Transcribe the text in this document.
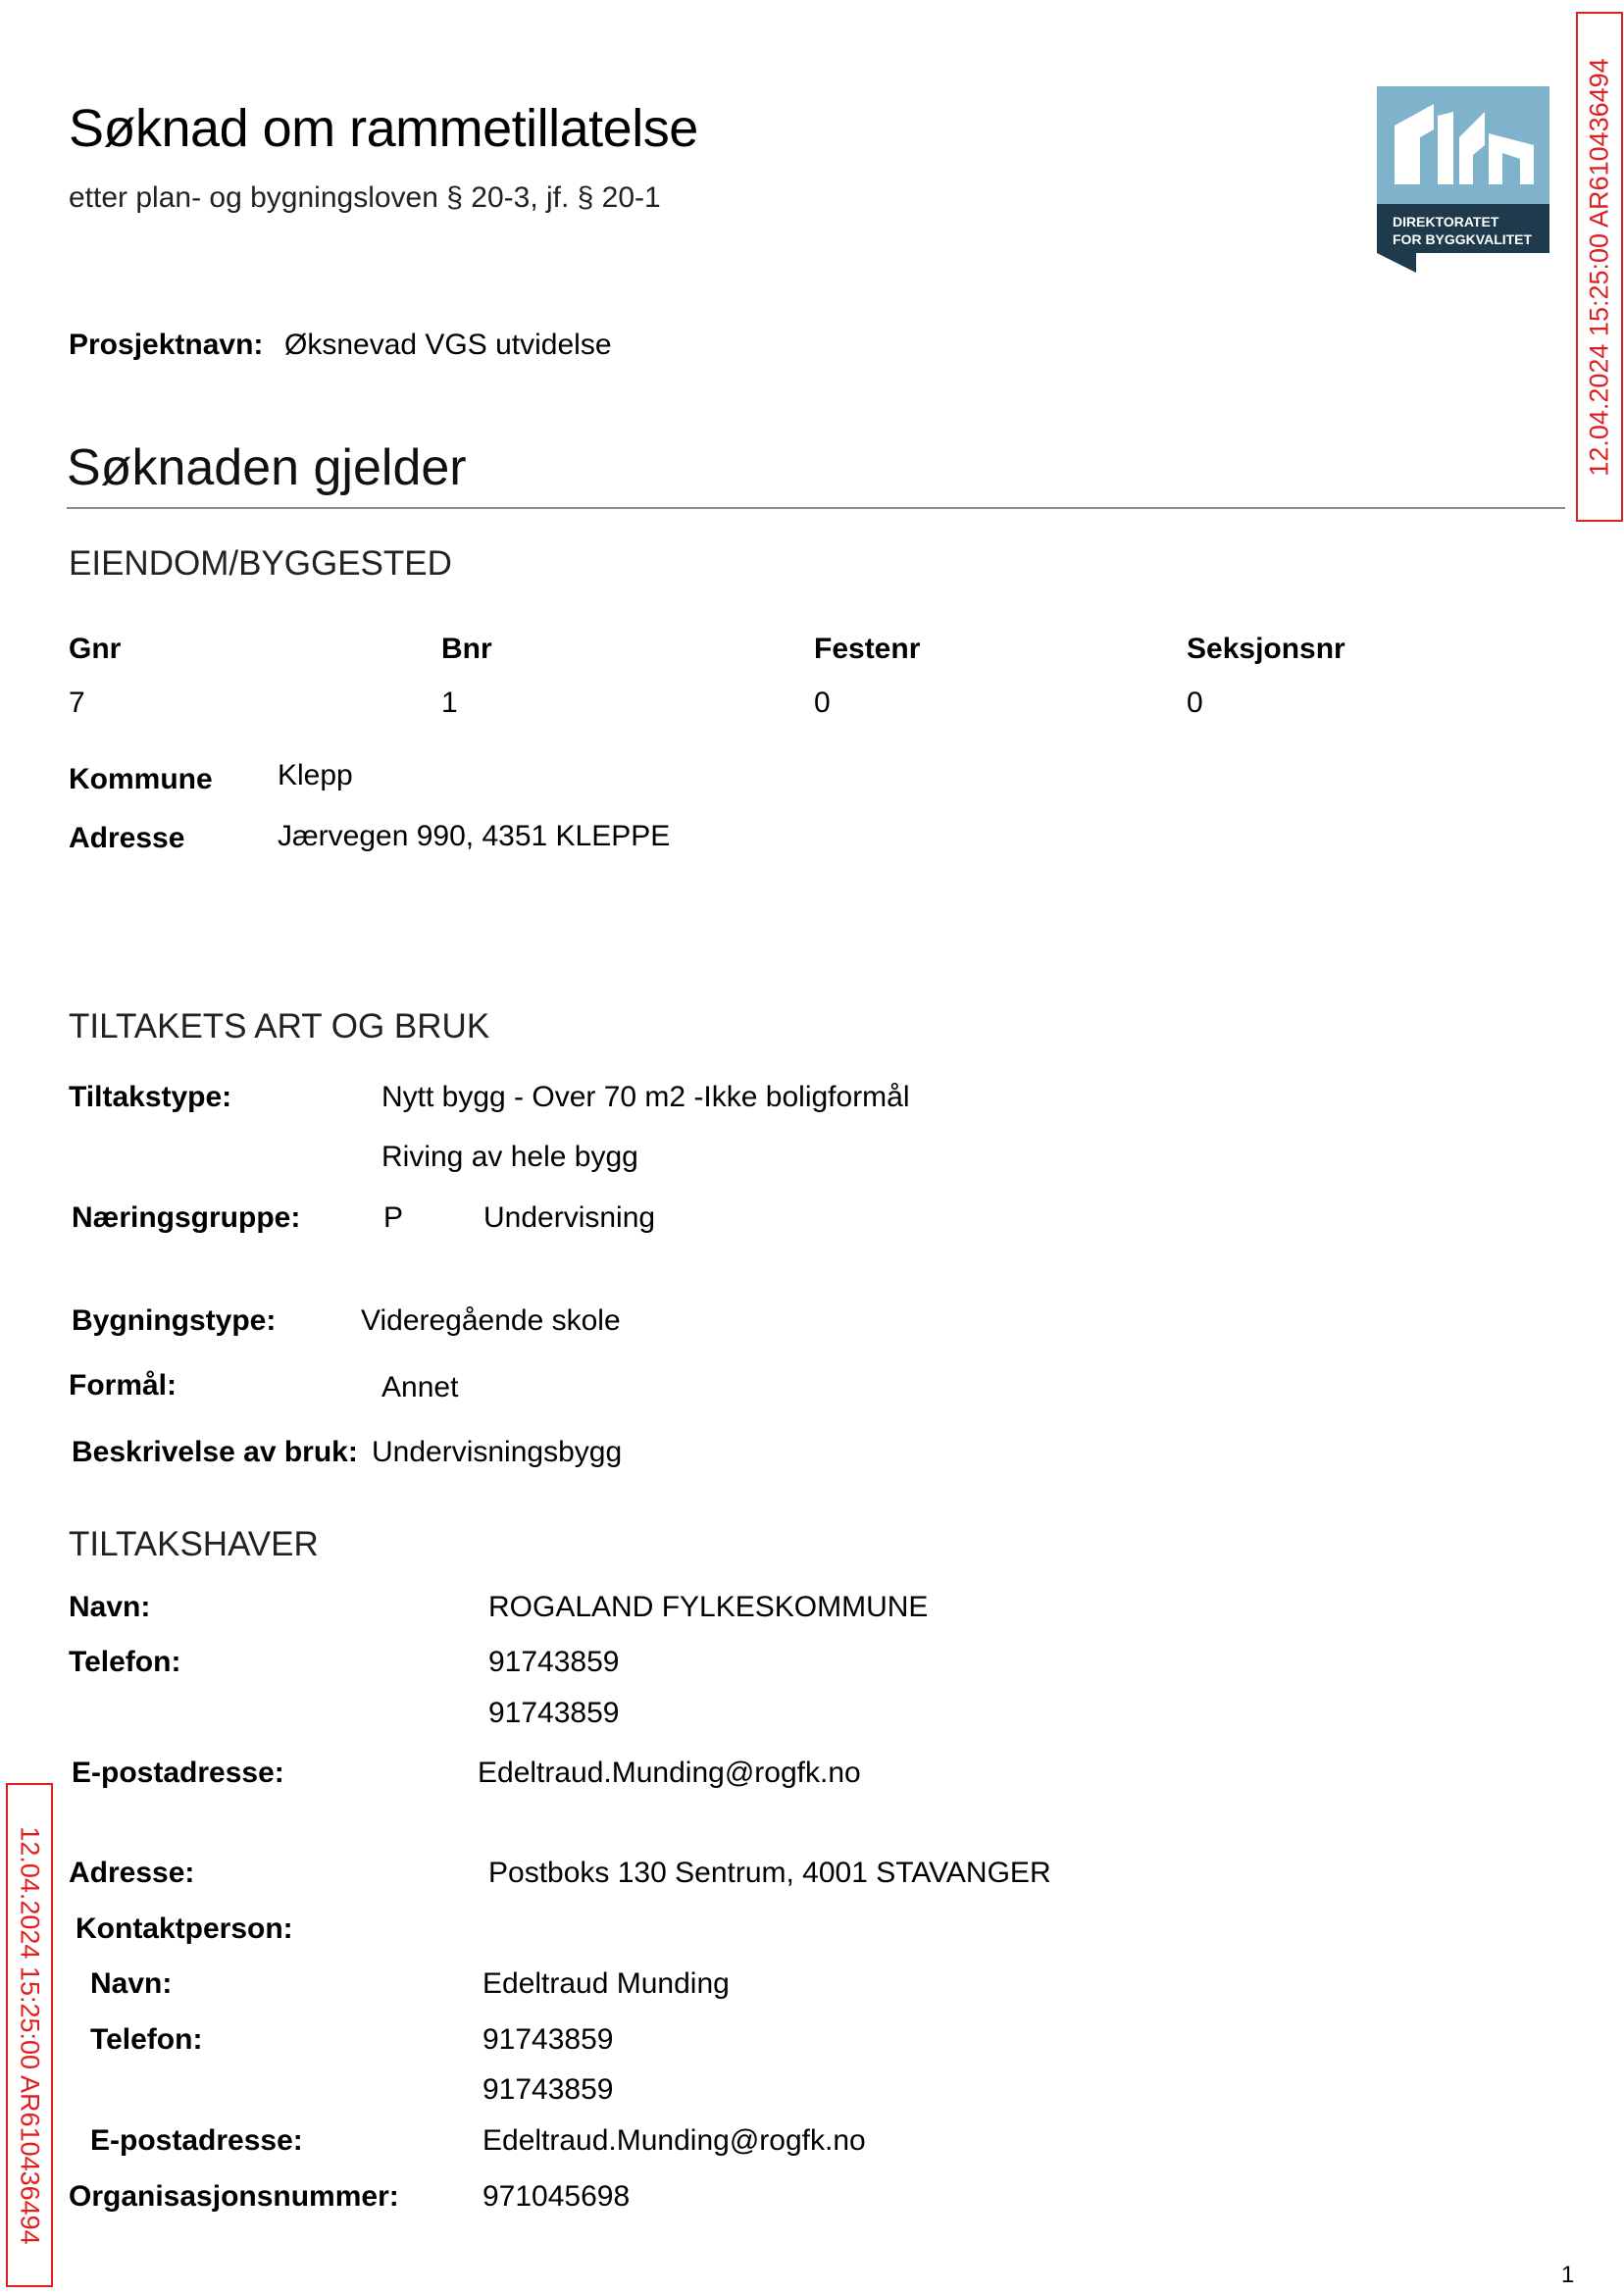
Søknad om rammetillatelse
etter plan- og bygningsloven § 20-3, jf. § 20-1
DIREKTORATET
FOR BYGGKVALITET 12.04.2024 15:25:00 AR610436494
12.04.2024 15:25:00 AR610436494
Prosjektnavn: Øksnevad VGS utvidelse
Søknaden gjelder
EIENDOM/BYGGESTED
Gnr	Bnr	Festenr	Seksjonsnr
7	1	0	0
Kommune Klepp
Adresse	Jærvegen 990, 4351 KLEPPE
TILTAKETS ART OG BRUK
Tiltakstype:	Nytt bygg - Over 70 m2 -Ikke boligformål
Riving av hele bygg
Næringsgruppe:	P	Undervisning
Bygningstype:	Videregående skole
Formål:	Annet
Beskrivelse av bruk: Undervisningsbygg
TILTAKSHAVER
Navn:	ROGALAND FYLKESKOMMUNE
Telefon:	91743859
91743859
E-postadresse:	Edeltraud.Munding@rogfk.no
Adresse:	Postboks 130 Sentrum, 4001 STAVANGER
Kontaktperson:
Navn:	Edeltraud Munding
Telefon:	91743859
91743859
E-postadresse:	Edeltraud.Munding@rogfk.no
Organisasjonsnummer:	971045698
1
